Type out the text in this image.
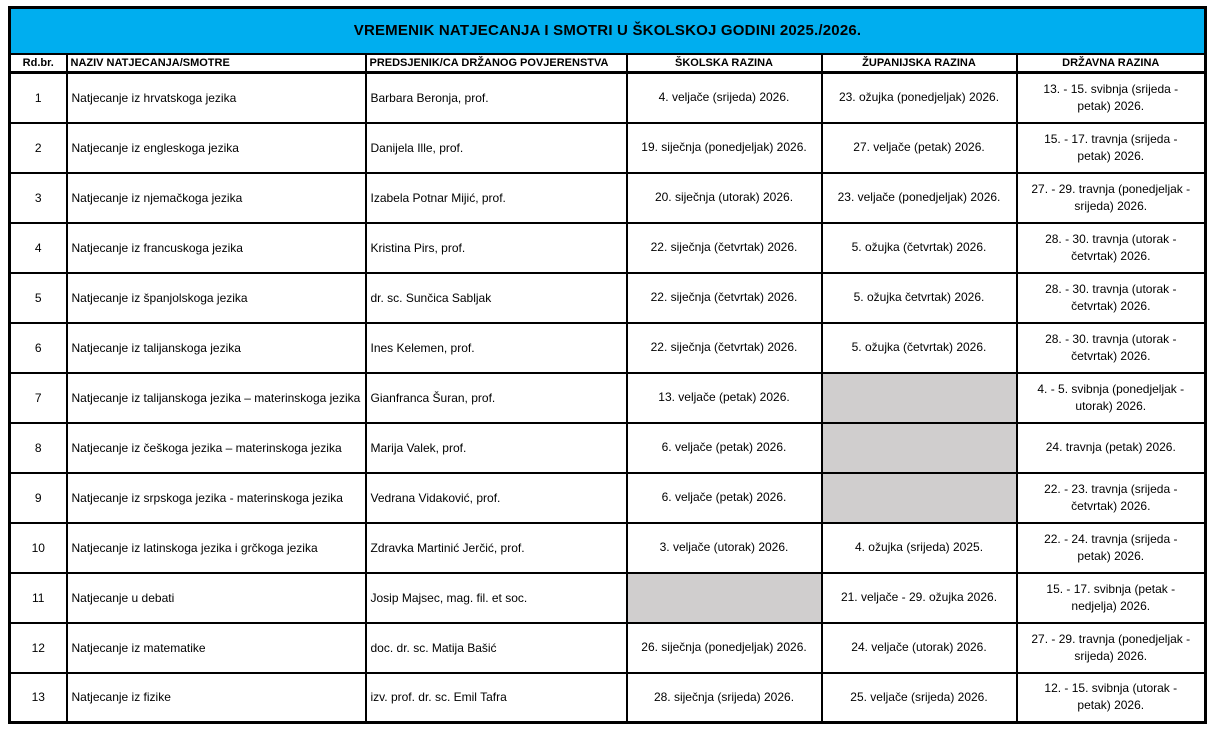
VREMENIK NATJECANJA I SMOTRI U ŠKOLSKOJ GODINI 2025./2026.					
Rd.br.	NAZIV NATJECANJA/SMOTRE	PREDSJENIK/CA DRŽANOG POVJERENSTVA	ŠKOLSKA RAZINA	ŽUPANIJSKA RAZINA	DRŽAVNA RAZINA
1	Natjecanje iz hrvatskoga jezika	Barbara Beronja, prof.	4. veljače (srijeda) 2026.	23. ožujka (ponedjeljak) 2026.	13. - 15. svibnja (srijeda - petak) 2026.
2	Natjecanje iz engleskoga jezika	Danijela Ille, prof.	19. siječnja (ponedjeljak) 2026.	27. veljače (petak) 2026.	15. - 17. travnja (srijeda - petak) 2026.
3	Natjecanje iz njemačkoga jezika	Izabela Potnar Mijić, prof.	20. siječnja (utorak) 2026.	23. veljače (ponedjeljak) 2026.	27. - 29. travnja (ponedjeljak - srijeda) 2026.
4	Natjecanje iz francuskoga jezika	Kristina Pirs, prof.	22. siječnja (četvrtak) 2026.	5. ožujka (četvrtak) 2026.	28. - 30. travnja (utorak - četvrtak) 2026.
5	Natjecanje iz španjolskoga jezika	dr. sc. Sunčica Sabljak	22. siječnja (četvrtak) 2026.	5. ožujka četvrtak) 2026.	28. - 30. travnja (utorak - četvrtak) 2026.
6	Natjecanje iz talijanskoga jezika	Ines Kelemen, prof.	22. siječnja (četvrtak) 2026.	5. ožujka (četvrtak) 2026.	28. - 30. travnja (utorak - četvrtak) 2026.
7	Natjecanje iz talijanskoga jezika – materinskoga jezika	Gianfranca Šuran, prof.	13. veljače (petak) 2026.		4. - 5. svibnja (ponedjeljak - utorak) 2026.
8	Natjecanje iz češkoga jezika – materinskoga jezika	Marija Valek, prof.	6. veljače (petak) 2026.		24. travnja (petak) 2026.
9	Natjecanje iz srpskoga jezika - materinskoga jezika	Vedrana Vidaković, prof.	6. veljače (petak) 2026.		22. - 23. travnja (srijeda - četvrtak) 2026.
10	Natjecanje iz latinskoga jezika i grčkoga jezika	Zdravka Martinić Jerčić, prof.	3. veljače (utorak) 2026.	4. ožujka (srijeda) 2025.	22. - 24. travnja (srijeda - petak) 2026.
11	Natjecanje u debati	Josip Majsec, mag. fil. et soc.		21. veljače - 29. ožujka 2026.	15. - 17. svibnja (petak - nedjelja) 2026.
12	Natjecanje iz matematike	doc. dr. sc. Matija Bašić	26. siječnja (ponedjeljak) 2026.	24. veljače (utorak) 2026.	27. - 29. travnja (ponedjeljak - srijeda) 2026.
13	Natjecanje iz fizike	izv. prof. dr. sc. Emil Tafra	28. siječnja (srijeda) 2026.	25. veljače (srijeda) 2026.	12. - 15. svibnja (utorak - petak) 2026.
